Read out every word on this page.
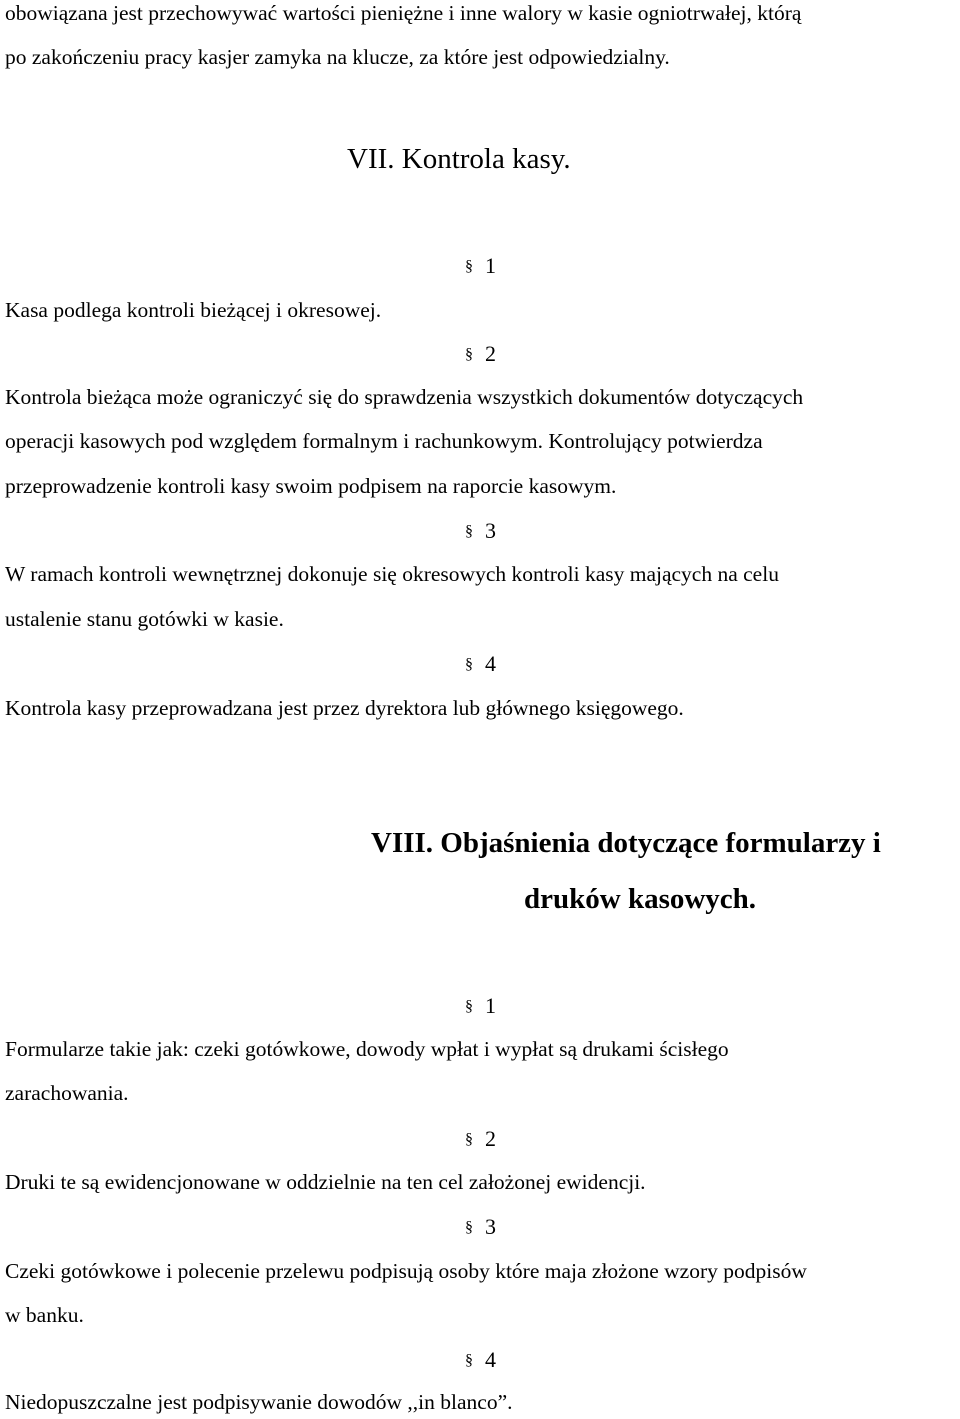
obowiązana jest przechowywać wartości pieniężne i inne walory w kasie ogniotrwałej, którą
po zakończeniu pracy kasjer zamyka na klucze, za które jest odpowiedzialny.
VII. Kontrola kasy.
§ 1
Kasa podlega kontroli bieżącej i okresowej.
§ 2
Kontrola bieżąca może ograniczyć się do sprawdzenia wszystkich dokumentów dotyczących
operacji kasowych pod względem formalnym i rachunkowym. Kontrolujący potwierdza
przeprowadzenie kontroli kasy swoim podpisem na raporcie kasowym.
§ 3
W ramach kontroli wewnętrznej dokonuje się okresowych kontroli kasy mających na celu
ustalenie stanu gotówki w kasie.
§ 4
Kontrola kasy przeprowadzana jest przez dyrektora lub głównego księgowego.
VIII. Objaśnienia dotyczące formularzy i
druków kasowych.
§ 1
Formularze takie jak: czeki gotówkowe, dowody wpłat i wypłat są drukami ścisłego
zarachowania.
§ 2
Druki te są ewidencjonowane w oddzielnie na ten cel założonej ewidencji.
§ 3
Czeki gotówkowe i polecenie przelewu podpisują osoby które maja złożone wzory podpisów
w banku.
§ 4
Niedopuszczalne jest podpisywanie dowodów ,,in blanco”.
